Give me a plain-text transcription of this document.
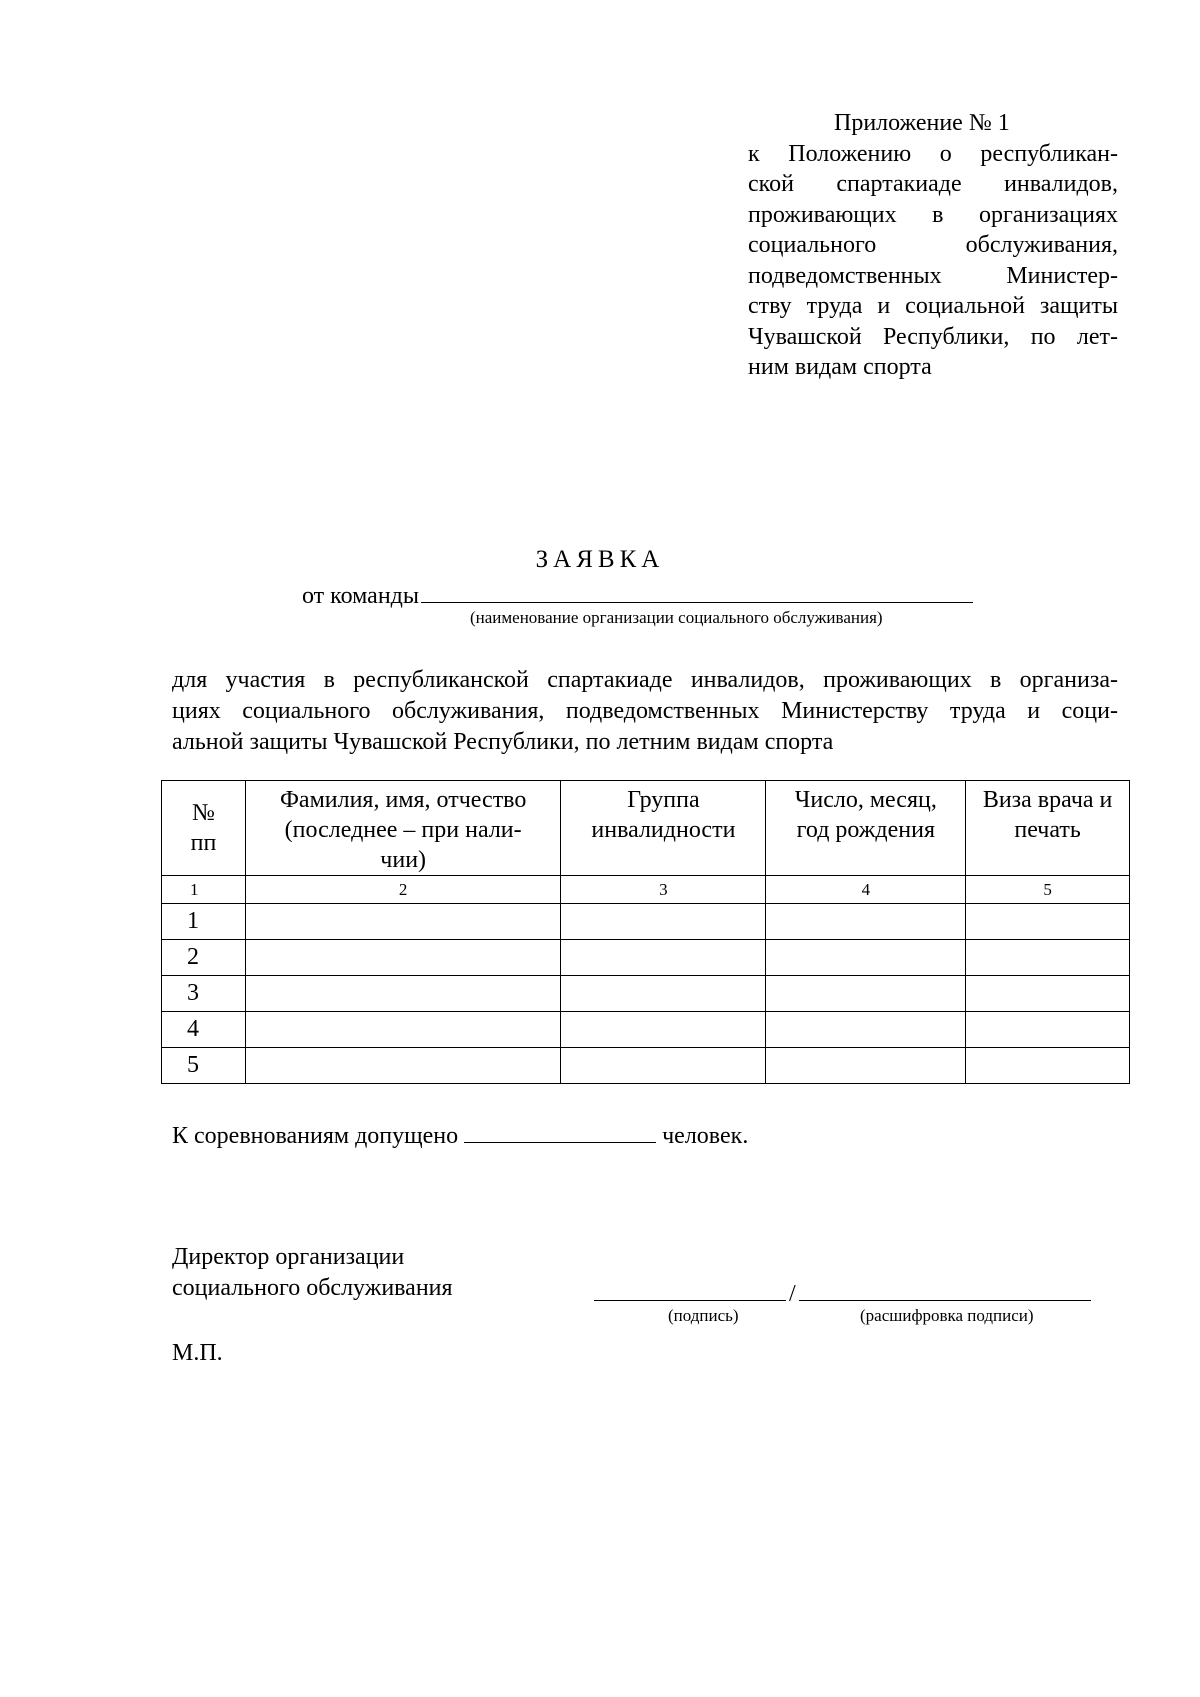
Приложение № 1
к Положению о республикан-
ской спартакиаде инвалидов,
проживающих в организациях
социального обслуживания,
подведомственных Министер-
ству труда и социальной защиты
Чувашской Республики, по лет-
ним видам спорта
ЗАЯВКА
от команды
(наименование организации социального обслуживания)
для участия в республиканской спартакиаде инвалидов, проживающих в организа-
циях социального обслуживания, подведомственных Министерству труда и соци-
альной защиты Чувашской Республики, по летним видам спорта
№ пп	Фамилия, имя, отчество (последнее – при нали-чии)	Группа инвалидности	Число, месяц, год рождения	Виза врача и печать

1	2	3	4	5
1				
2				
3				
4				
5				
К соревнованиям допущено	человек.
Директор организации
социального обслуживания	/
(подпись)	(расшифровка подписи)
М.П.
